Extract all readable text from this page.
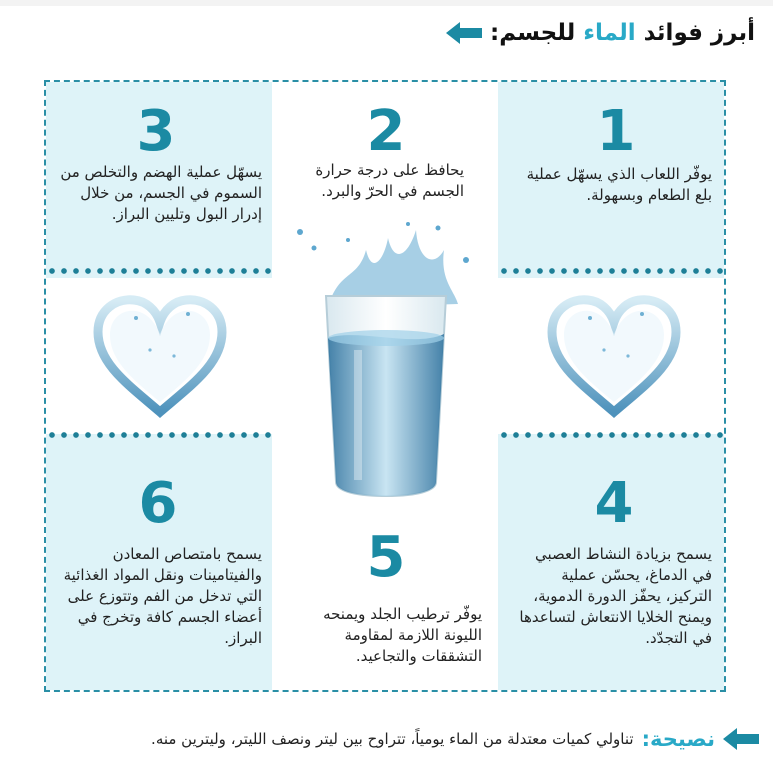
أبرز فوائد الماء للجسم:
1
يوفّر اللعاب الذي يسهّل عملية بلع الطعام وبسهولة.
2
يحافظ على درجة حرارة الجسم في الحرّ والبرد.
3
يسهّل عملية الهضم والتخلص من السموم في الجسم، من خلال إدرار البول وتليين البراز.
4
يسمح بزيادة النشاط العصبي في الدماغ، يحسّن عملية التركيز، يحفّز الدورة الدموية، ويمنح الخلايا الانتعاش لتساعدها في التجدّد.
5
يوفّر ترطيب الجلد ويمنحه الليونة اللازمة لمقاومة التشققات والتجاعيد.
6
يسمح بامتصاص المعادن والفيتامينات ونقل المواد الغذائية التي تدخل من الفم وتتوزع على أعضاء الجسم كافة وتخرج في البراز.
نصيحة:
تناولي كميات معتدلة من الماء يومياً، تتراوح بين ليتر ونصف الليتر، وليترين منه.
